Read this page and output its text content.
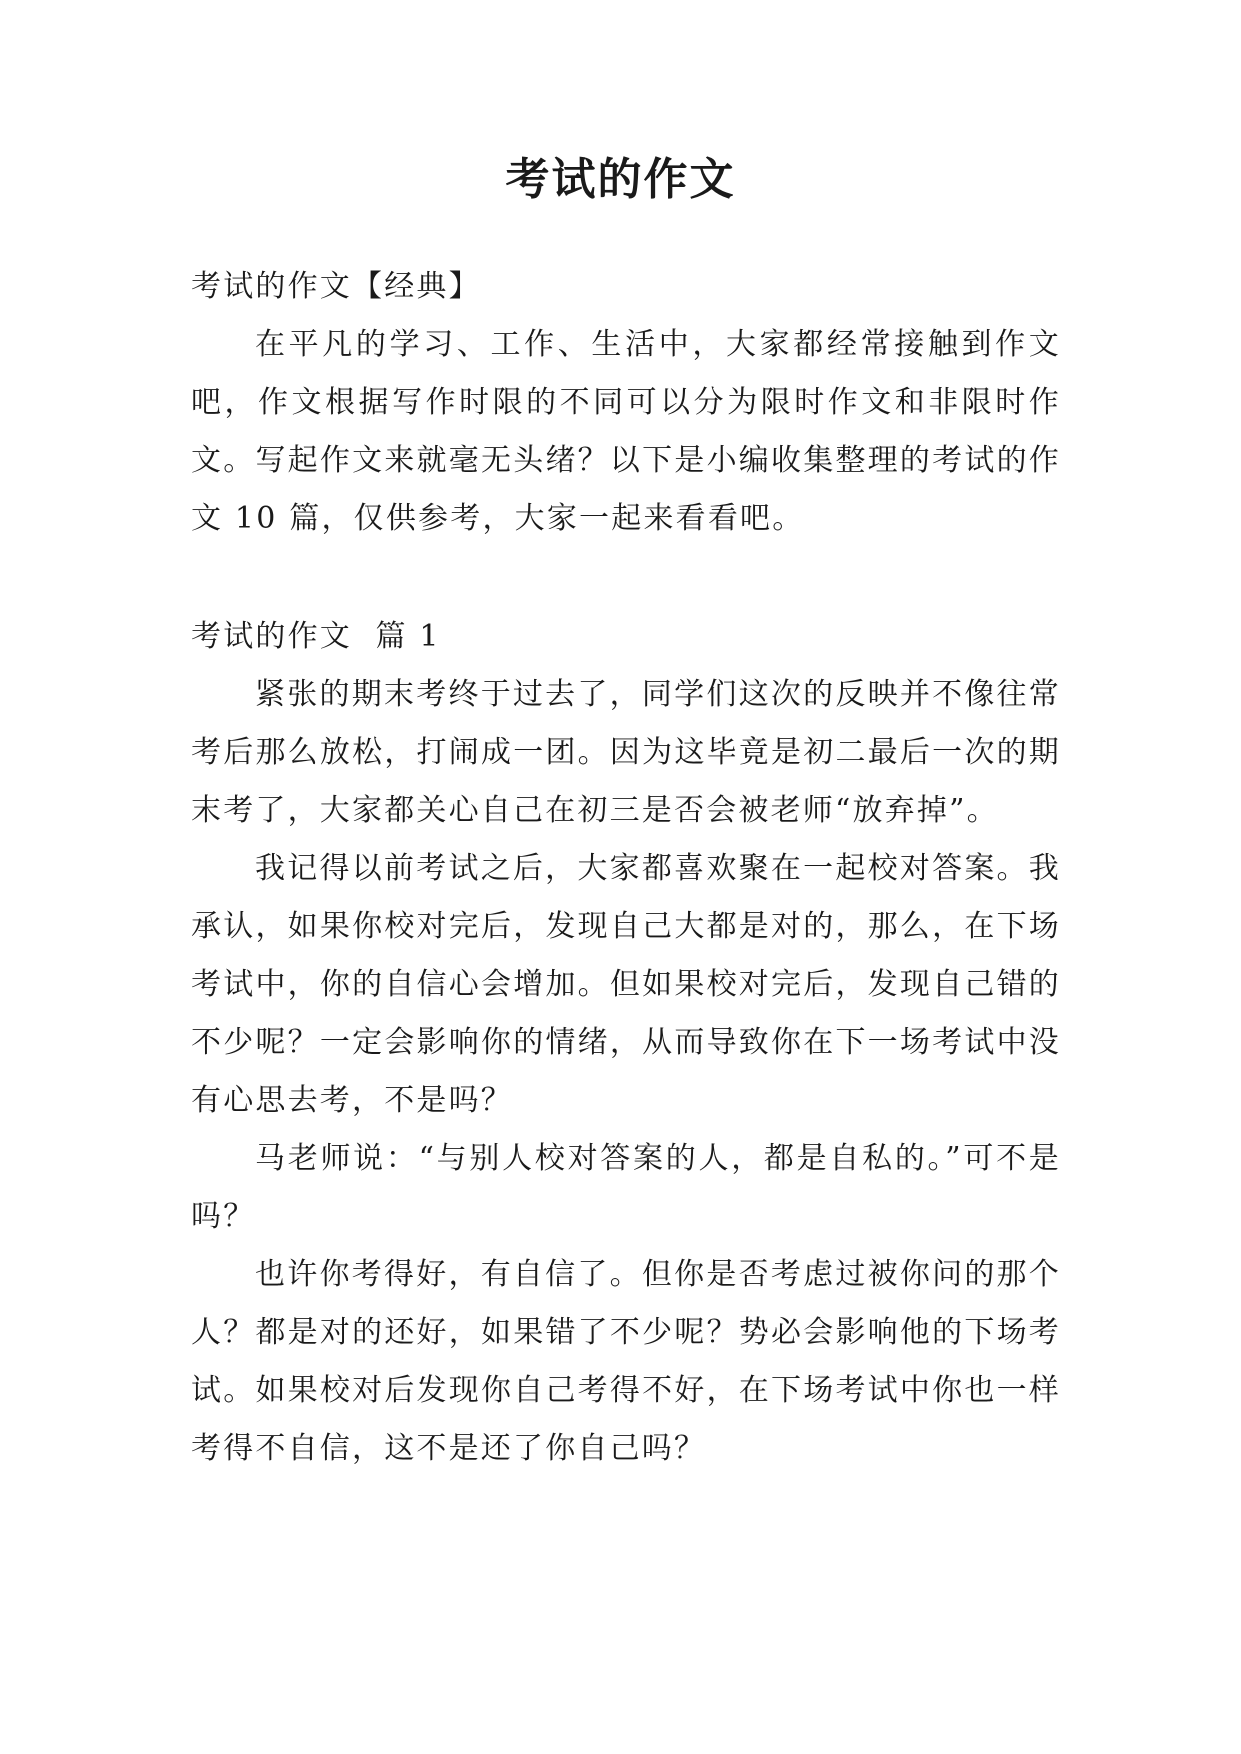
考试的作文

考试的作文【经典】

在平凡的学习、工作、生活中，大家都经常接触到作文吧，作文根据写作时限的不同可以分为限时作文和非限时作文。写起作文来就毫无头绪？以下是小编收集整理的考试的作文 10 篇，仅供参考，大家一起来看看吧。

考试的作文  篇 1

紧张的期末考终于过去了，同学们这次的反映并不像往常考后那么放松，打闹成一团。因为这毕竟是初二最后一次的期末考了，大家都关心自己在初三是否会被老师“放弃掉”。

我记得以前考试之后，大家都喜欢聚在一起校对答案。我承认，如果你校对完后，发现自己大都是对的，那么，在下场考试中，你的自信心会增加。但如果校对完后，发现自己错的不少呢？一定会影响你的情绪，从而导致你在下一场考试中没有心思去考，不是吗？

马老师说：“与别人校对答案的人，都是自私的。”可不是吗？

也许你考得好，有自信了。但你是否考虑过被你问的那个人？都是对的还好，如果错了不少呢？势必会影响他的下场考试。如果校对后发现你自己考得不好，在下场考试中你也一样考得不自信，这不是还了你自己吗？
